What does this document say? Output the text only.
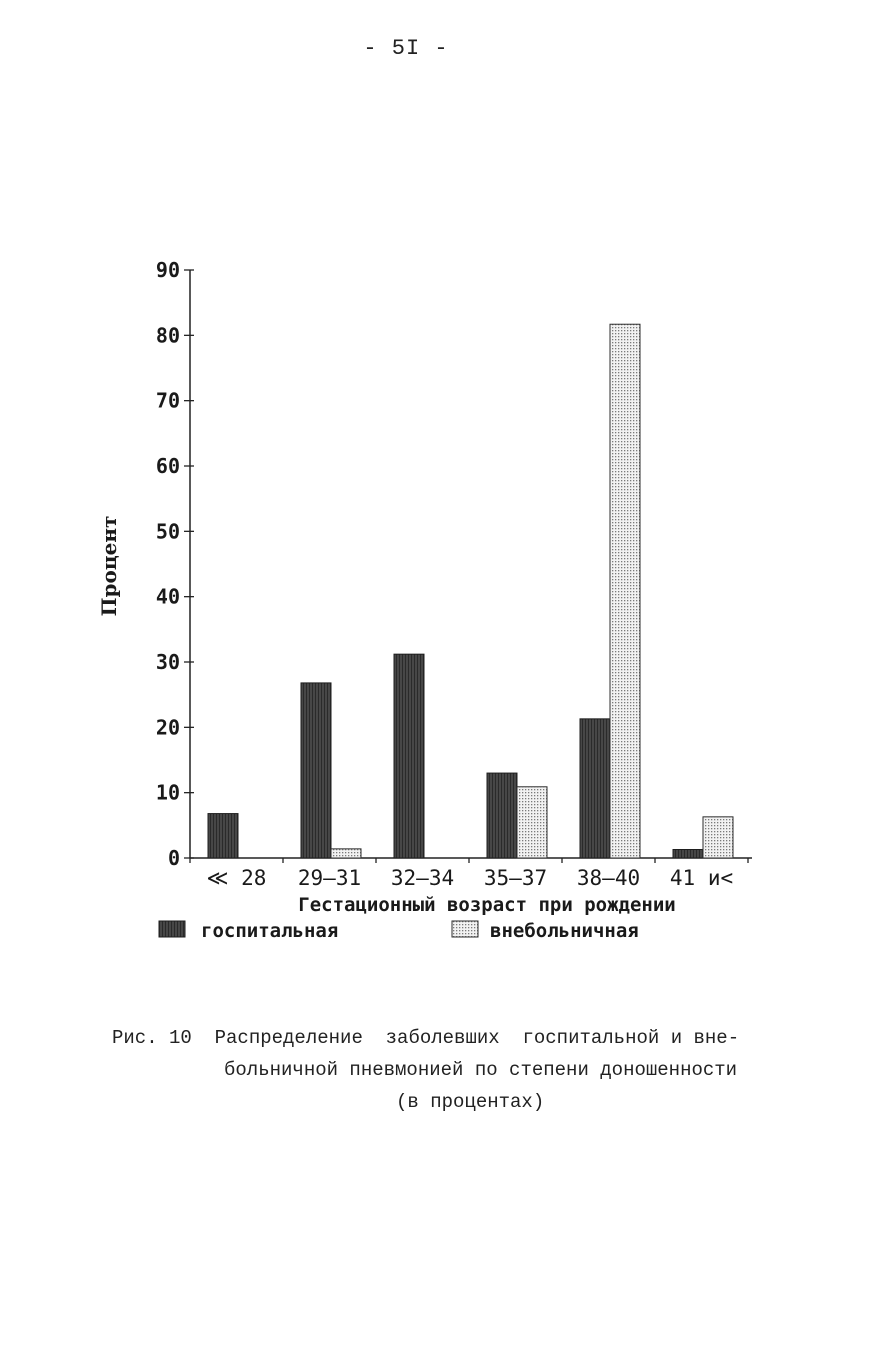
- 5I -
0
10
20
30
40
50
60
70
80
90
Процент
≪ 28 29–31 32–34 35–37 38–40 41 и<
Гестационный возраст при рождении
госпитальная	внебольничная
Рис. 10  Распределение  заболевших  госпитальной и вне-
больничной пневмонией по степени доношенности
(в процентах)
